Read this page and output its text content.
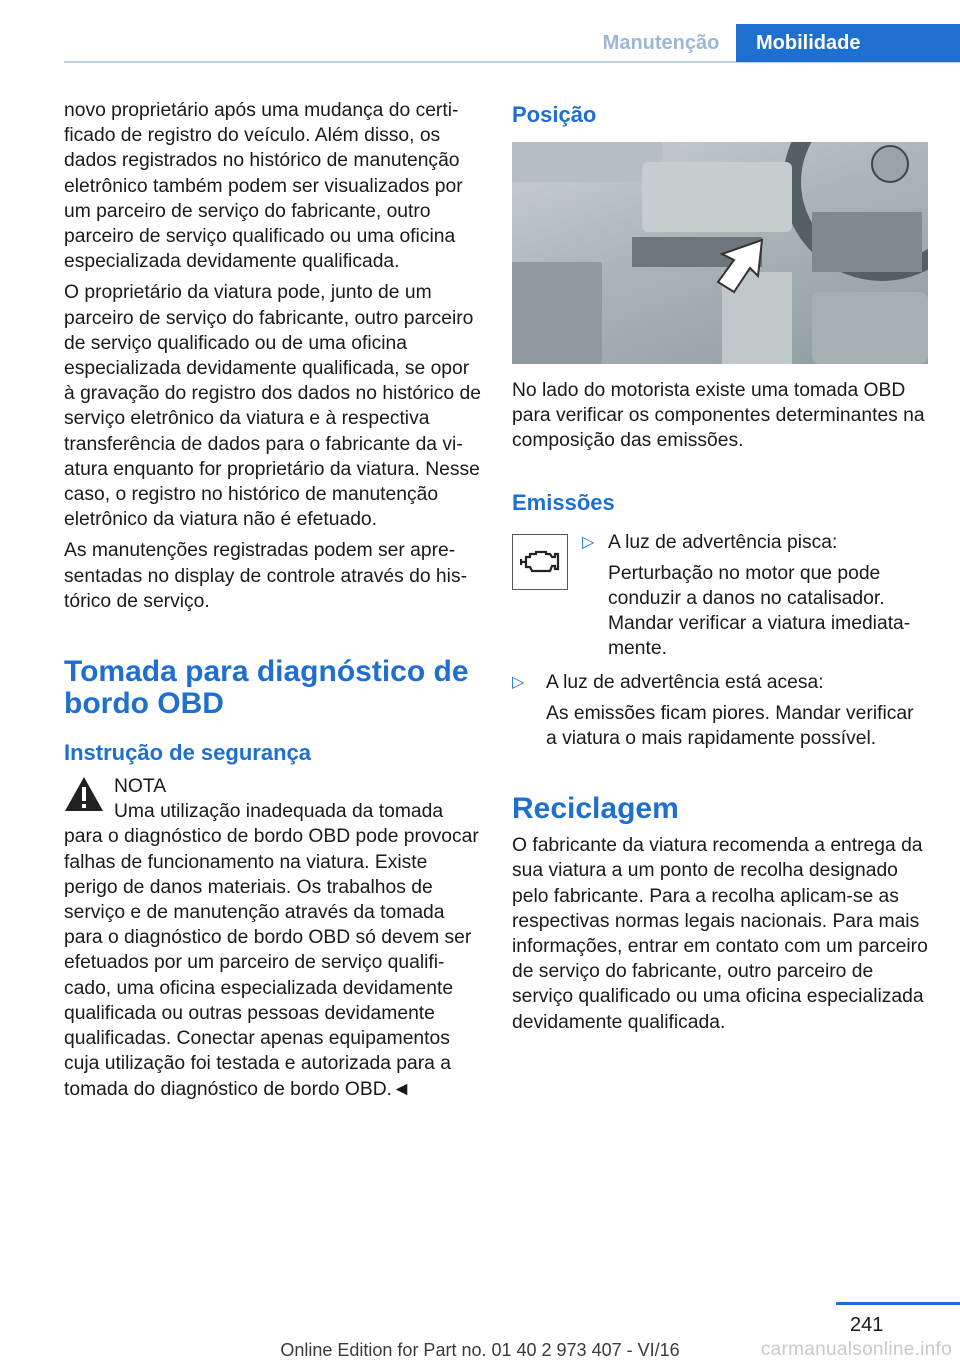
Manutenção	Mobilidade

novo proprietário após uma mudança do certificado de registro do veículo. Além disso, os dados registrados no histórico de manutenção eletrônico também podem ser visualizados por um parceiro de serviço do fabricante, outro parceiro de serviço qualificado ou uma oficina especializada devidamente qualificada.

O proprietário da viatura pode, junto de um parceiro de serviço do fabricante, outro parceiro de serviço qualificado ou de uma oficina especializada devidamente qualificada, se opor à gravação do registro dos dados no histórico de serviço eletrônico da viatura e à respectiva transferência de dados para o fabricante da viatura enquanto for proprietário da viatura. Nesse caso, o registro no histórico de manutenção eletrônico da viatura não é efetuado.

As manutenções registradas podem ser apresentadas no display de controle através do histórico de serviço.

Tomada para diagnóstico de bordo OBD
Instrução de segurança
NOTA
Uma utilização inadequada da tomada

para o diagnóstico de bordo OBD pode provocar falhas de funcionamento na viatura. Existe perigo de danos materiais. Os trabalhos de serviço e de manutenção através da tomada para o diagnóstico de bordo OBD só devem ser efetuados por um parceiro de serviço qualificado, uma oficina especializada devidamente qualificada ou outras pessoas devidamente qualificadas. Conectar apenas equipamentos cuja utilização foi testada e autorizada para a tomada do diagnóstico de bordo OBD.◄

Posição

No lado do motorista existe uma tomada OBD para verificar os componentes determinantes na composição das emissões.

Emissões
▷ A luz de advertência pisca:
Perturbação no motor que pode conduzir a danos no catalisador. Mandar verificar a viatura imediatamente.
▷	A luz de advertência está acesa:
As emissões ficam piores. Mandar verificar a viatura o mais rapidamente possível.
Reciclagem

O fabricante da viatura recomenda a entrega da sua viatura a um ponto de recolha designado pelo fabricante. Para a recolha aplicam-se as respectivas normas legais nacionais. Para mais informações, entrar em contato com um parceiro de serviço do fabricante, outro parceiro de serviço qualificado ou uma oficina especializada devidamente qualificada.

241
Online Edition for Part no. 01 40 2 973 407 - VI/16	carmanualsonline.info
